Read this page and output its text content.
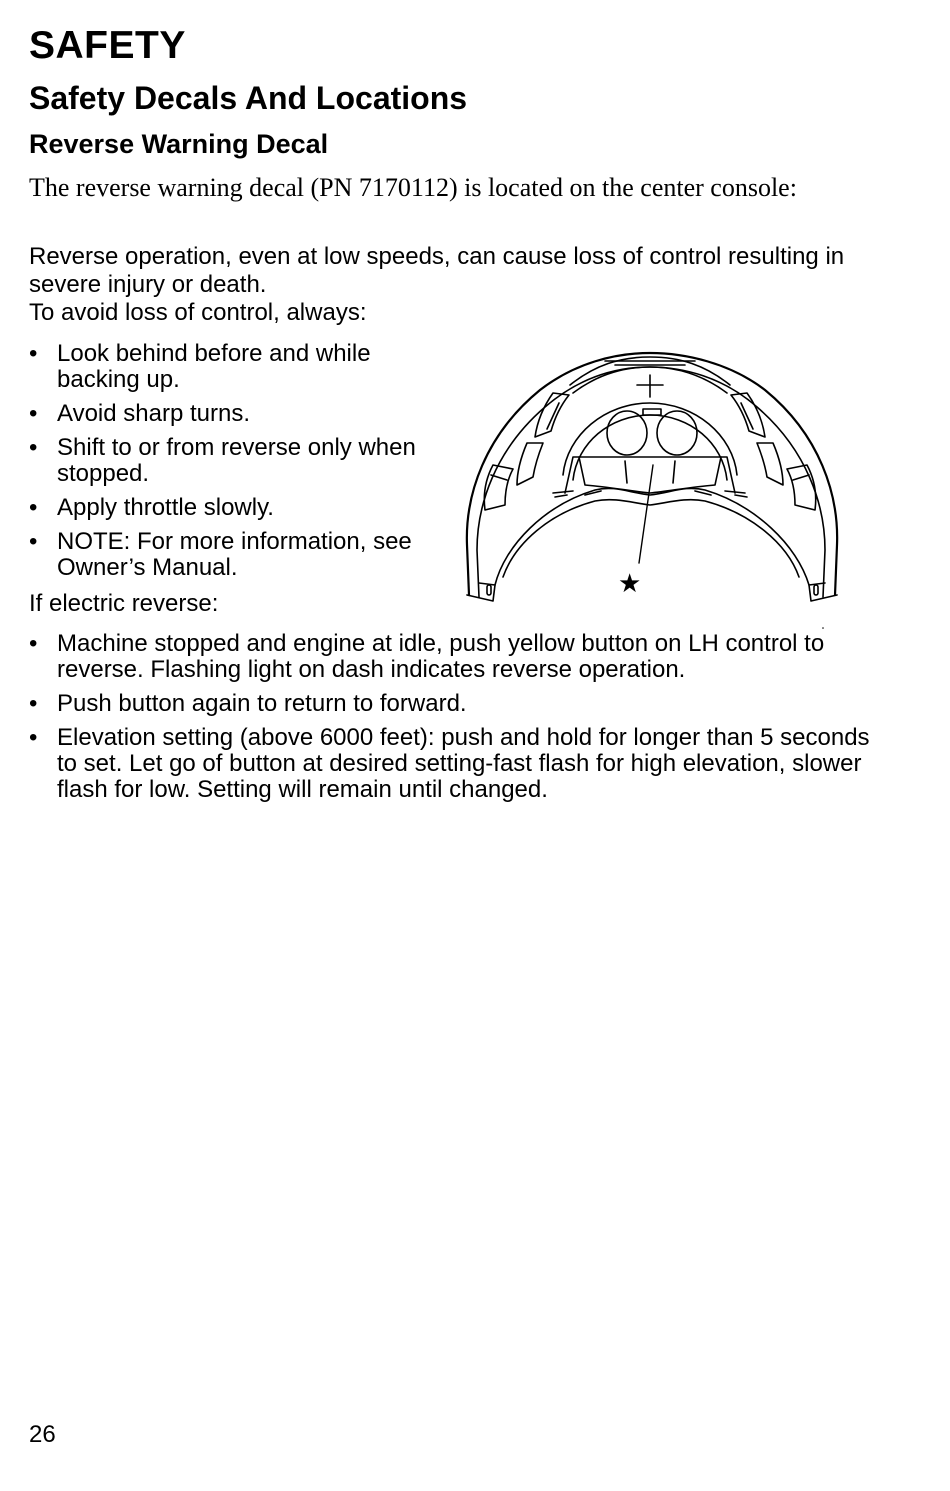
SAFETY
Safety Decals And Locations
Reverse Warning Decal

The reverse warning decal (PN 7170112) is located on the center console:

Reverse operation, even at low speeds, can cause loss of control resulting in severe injury or death.
To avoid loss of control, always:

• Look behind before and while backing up.
• Avoid sharp turns.
• Shift to or from reverse only when stopped.
• Apply throttle slowly.
• NOTE: For more information, see Owner’s Manual.

If electric reverse:

• Machine stopped and engine at idle, push yellow button on LH control to reverse. Flashing light on dash indicates reverse operation.
• Push button again to return to forward.
• Elevation setting (above 6000 feet): push and hold for longer than 5 seconds to set. Let go of button at desired setting-fast flash for high elevation, slower flash for low. Setting will remain until changed.
★

26
